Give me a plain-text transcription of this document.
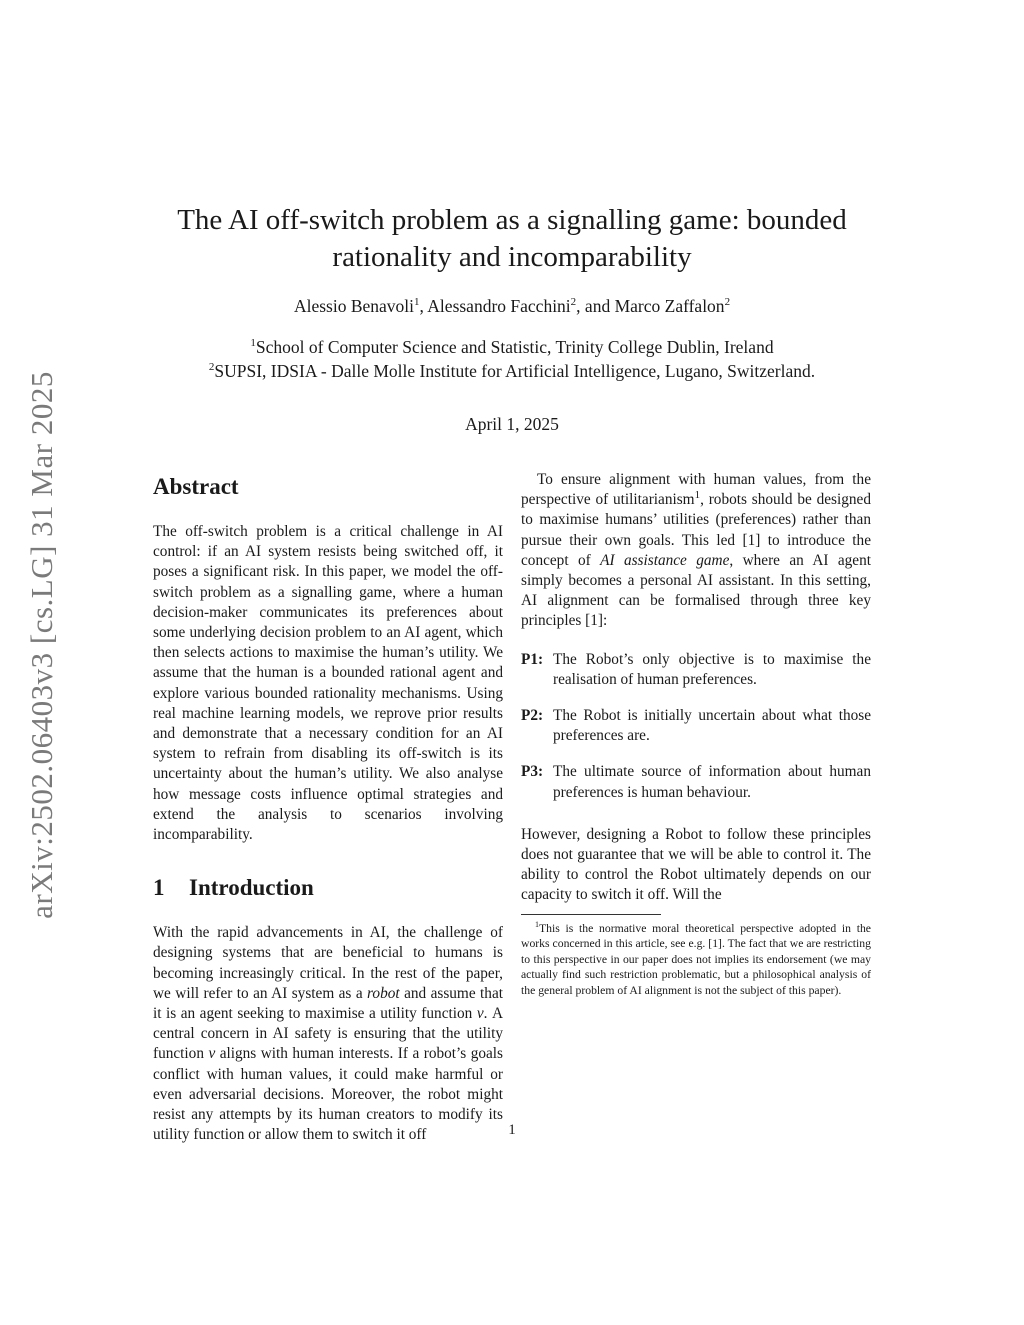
arXiv:2502.06403v3 [cs.LG] 31 Mar 2025
The AI off-switch problem as a signalling game: bounded rationality and incomparability
Alessio Benavoli$^1$, Alessandro Facchini$^2$, and Marco Zaffalon$^2$
$^1$School of Computer Science and Statistic, Trinity College Dublin, Ireland
$^2$SUPSI, IDSIA - Dalle Molle Institute for Artificial Intelligence, Lugano, Switzerland.
April 1, 2025
Abstract

The off-switch problem is a critical challenge in AI control: if an AI system resists being switched off, it poses a significant risk. In this paper, we model the off-switch problem as a signalling game, where a human decision-maker communicates its preferences about some underlying decision problem to an AI agent, which then selects actions to maximise the human’s utility. We assume that the human is a bounded rational agent and explore various bounded rationality mechanisms. Using real machine learning models, we reprove prior results and demonstrate that a necessary condition for an AI system to refrain from disabling its off-switch is its uncertainty about the human’s utility. We also analyse how message costs influence optimal strategies and extend the analysis to scenarios involving incomparability.

1 Introduction

With the rapid advancements in AI, the challenge of designing systems that are beneficial to humans is becoming increasingly critical. In the rest of the paper, we will refer to an AI system as a robot and assume that it is an agent seeking to maximise a utility function ν. A central concern in AI safety is ensuring that the utility function ν aligns with human interests. If a robot’s goals conflict with human values, it could make harmful or even adversarial decisions. Moreover, the robot might resist any attempts by its human creators to modify its utility function or allow them to switch it off

To ensure alignment with human values, from the perspective of utilitarianism$^1$, robots should be designed to maximise humans’ utilities (preferences) rather than pursue their own goals. This led [1] to introduce the concept of AI assistance game, where an AI agent simply becomes a personal AI assistant. In this setting, AI alignment can be formalised through three key principles [1]:

P1: The Robot’s only objective is to maximise the realisation of human preferences.
P2: The Robot is initially uncertain about what those preferences are.
P3: The ultimate source of information about human preferences is human behaviour.

However, designing a Robot to follow these principles does not guarantee that we will be able to control it. The ability to control the Robot ultimately depends on our capacity to switch it off. Will the

$^1$This is the normative moral theoretical perspective adopted in the works concerned in this article, see e.g. [1]. The fact that we are restricting to this perspective in our paper does not implies its endorsement (we may actually find such restriction problematic, but a philosophical analysis of the general problem of AI alignment is not the subject of this paper).

1
